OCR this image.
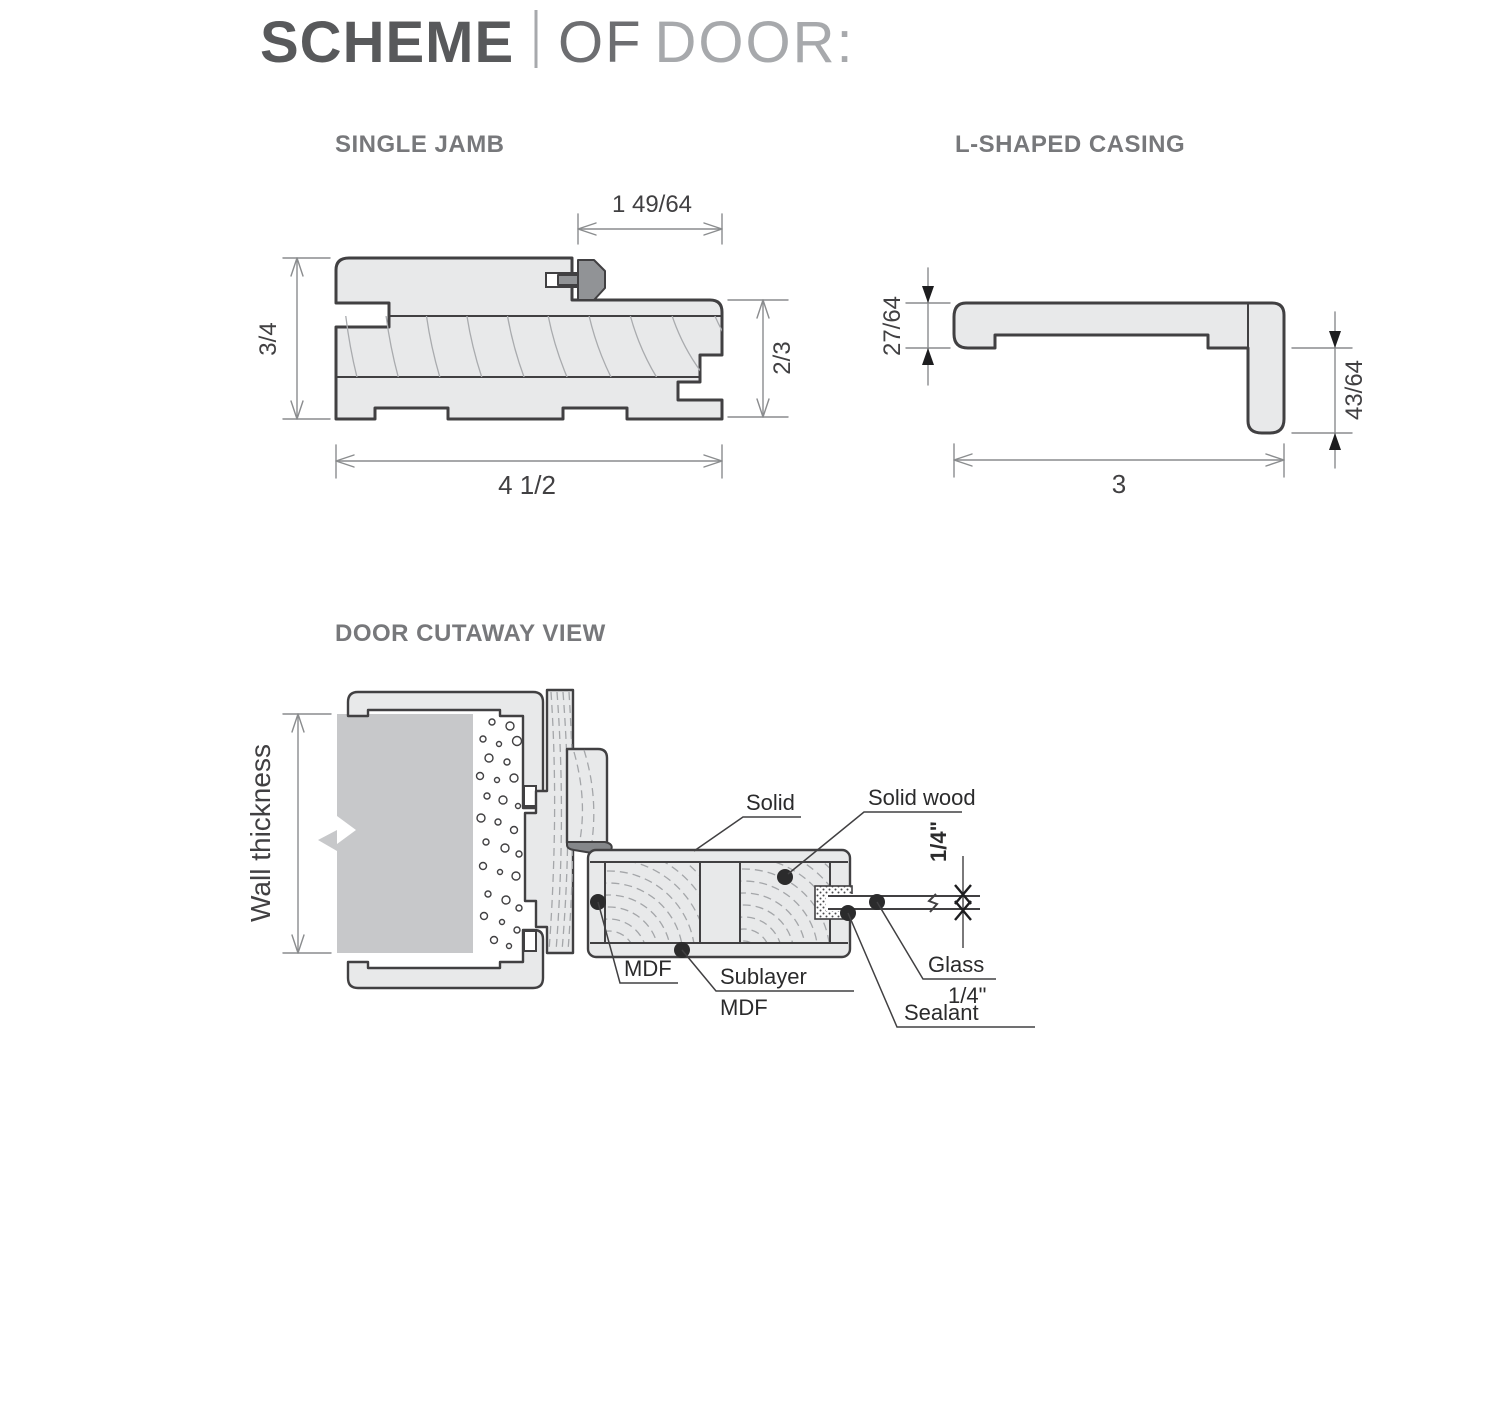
SCHEME OF DOOR:
SINGLE JAMB	L-SHAPED CASING
DOOR CUTAWAY VIEW
1 49/64
3/4
2/3
4 1/2
27/64
43/64
3
Solid	Solid wood
MDF Sublayer
MDF
Glass
1/4"
Sealant
Wall thickness	1/4"
